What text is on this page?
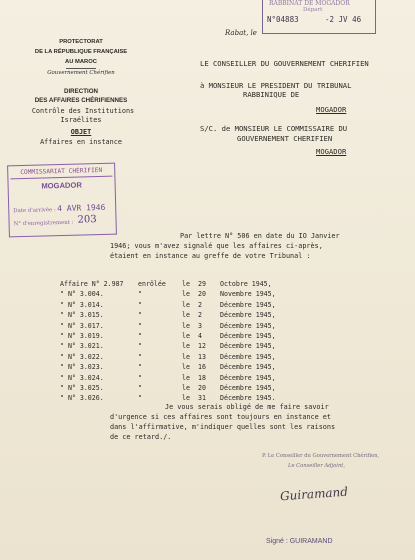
PROTECTORAT
DE LA RÉPUBLIQUE FRANÇAISE
AU MAROC
Gouvernement Chérifien
DIRECTION
DES AFFAIRES CHÉRIFIENNES
Contrôle des Institutions
Israélites
OBJET
Affaires en instance
RABBINAT DE MOGADOR
Départ
N°04883	-2 JV 46
Rabat, le
COMMISSARIAT CHÉRIFIEN
MOGADOR
Date d'arrivée : 4 AVR 1946
N° d'enregistrement : 203
LE CONSEILLER DU GOUVERNEMENT CHERIFIEN
à MONSIEUR LE PRESIDENT DU TRIBUNAL
RABBINIQUE DE
MOGADOR
S/C. de MONSIEUR LE COMMISSAIRE DU
GOUVERNEMENT CHERIFIEN
MOGADOR
Par lettre N° 506 en date du IO Janvier
1946; vous m'avez signalé que les affaires ci-après,
étaient en instance au greffe de votre Tribunal :
Affaire N° 2.987 enrôlée le 29 Octobre 1945,
" N° 3.004.	"	le 20 Novembre 1945,
" N° 3.014.	"	le 2	Décembre 1945,
" N° 3.015.	"	le 2	Décembre 1945,
" N° 3.017.	"	le 3	Décembre 1945,
" N° 3.019.	"	le 4	Décembre 1945,
" N° 3.021.	"	le 12 Décembre 1945,
" N° 3.022.	"	le 13 Décembre 1945,
" N° 3.023.	"	le 16 Décembre 1945,
" N° 3.024.	"	le 18 Décembre 1945,
" N° 3.025.	"	le 20 Décembre 1945,
" N° 3.026.	"	le 31 Décembre 1945.
Je vous serais obligé de me faire savoir
d'urgence si ces affaires sont toujours en instance et
dans l'affirmative, m'indiquer quelles sont les raisons
de ce retard./.
P. Le Conseiller du Gouvernement Chérifien,
Le Conseiller Adjoint,
Guiramand
Signé : GUIRAMAND
